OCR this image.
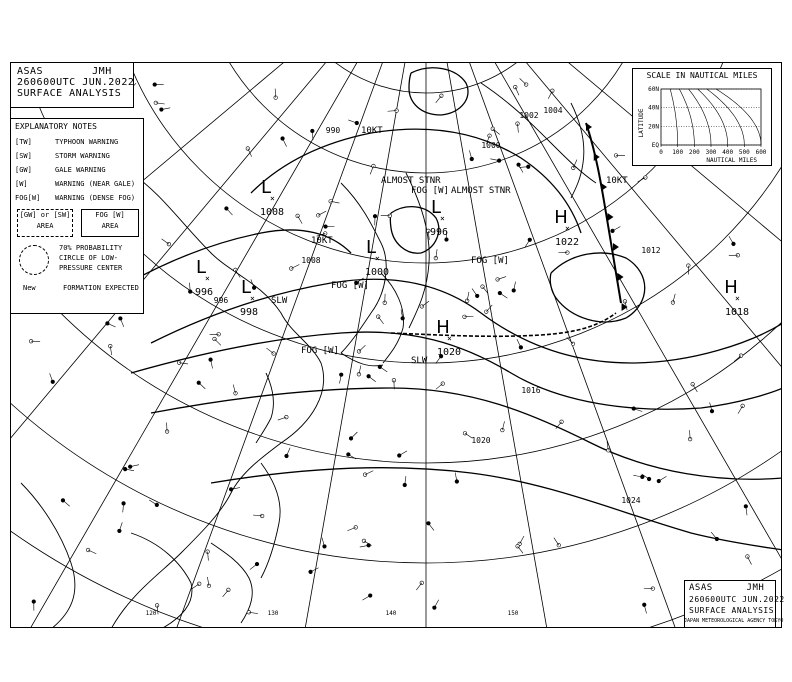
L
×
996 L
×
998
L
×
1008	L
×
996
L
×
1000
H
×
1020
H
×
1022
H
×
1018
1000
1002
1004
1008
990
996
1012
1016
1020
1024
FOG [W]
FOG [W]
FOG [W]
FOG [W]
SLW
SLW
10KT
10KT
10KT
ALMOST STNR
ALMOST STNR
140	150
120	130
ASAS	JMH
260600UTC JUN.2022
SURFACE ANALYSIS
EXPLANATORY NOTES
[TW]	TYPHOON WARNING
[SW]	STORM WARNING
[GW]	GALE WARNING
[W]	WARNING (NEAR GALE)
FOG[W]	WARNING (DENSE FOG)
[GW] or [SW]
AREA
FOG [W]
AREA
70% PROBABILITY CIRCLE OF LOW-PRESSURE CENTER
New	FORMATION EXPECTED
SCALE IN NAUTICAL MILES
60N
40N
20N
EQ
0 100 200 300 400 500 600
LATITUDE
NAUTICAL MILES
ASAS	JMH
260600UTC JUN.2022
SURFACE ANALYSIS
JAPAN METEOROLOGICAL AGENCY TOKYO
